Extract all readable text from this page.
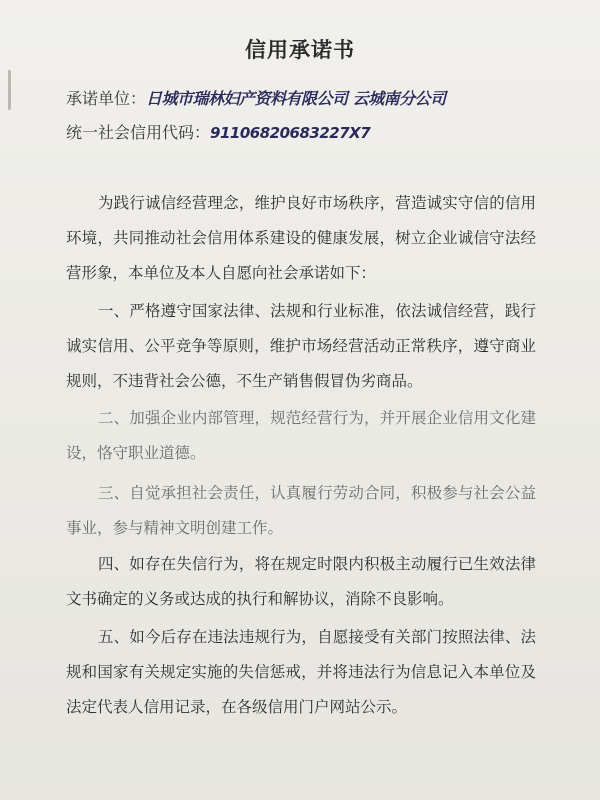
信用承诺书
承诺单位：日城市瑞林妇产资料有限公司 云城南分公司
统一社会信用代码：91106820683227X7
为践行诚信经营理念，维护良好市场秩序，营造诚实守信的信用环境，共同推动社会信用体系建设的健康发展，树立企业诚信守法经营形象，本单位及本人自愿向社会承诺如下：
一、严格遵守国家法律、法规和行业标准，依法诚信经营，践行诚实信用、公平竞争等原则，维护市场经营活动正常秩序，遵守商业规则，不违背社会公德，不生产销售假冒伪劣商品。
二、加强企业内部管理，规范经营行为，并开展企业信用文化建设，恪守职业道德。
三、自觉承担社会责任，认真履行劳动合同，积极参与社会公益事业，参与精神文明创建工作。
四、如存在失信行为，将在规定时限内积极主动履行已生效法律文书确定的义务或达成的执行和解协议，消除不良影响。
五、如今后存在违法违规行为，自愿接受有关部门按照法律、法规和国家有关规定实施的失信惩戒，并将违法行为信息记入本单位及法定代表人信用记录，在各级信用门户网站公示。
